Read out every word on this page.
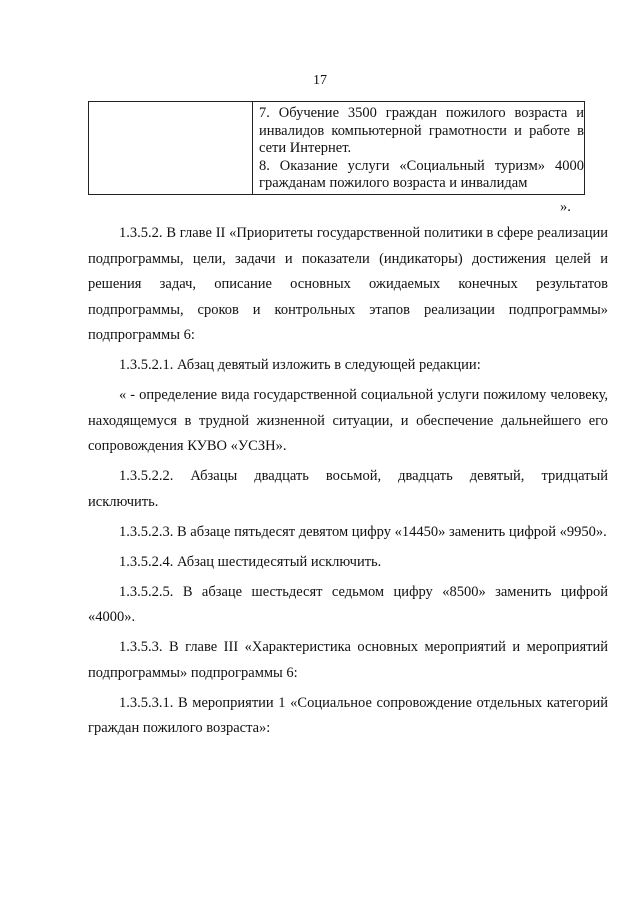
17

7. Обучение 3500 граждан пожилого возраста и инвалидов компьютерной грамотности и работе в сети Интернет.

8. Оказание услуги «Социальный туризм» 4000 гражданам пожилого возраста и инвалидам

».

1.3.5.2. В главе II «Приоритеты государственной политики в сфере реализации подпрограммы, цели, задачи и показатели (индикаторы) достижения целей и решения задач, описание основных ожидаемых конечных результатов подпрограммы, сроков и контрольных этапов реализации подпрограммы» подпрограммы 6:

1.3.5.2.1. Абзац девятый изложить в следующей редакции:

« - определение вида государственной социальной услуги пожилому человеку, находящемуся в трудной жизненной ситуации, и обеспечение дальнейшего его сопровождения КУВО «УСЗН».

1.3.5.2.2. Абзацы двадцать восьмой, двадцать девятый, тридцатый исключить.

1.3.5.2.3. В абзаце пятьдесят девятом цифру «14450» заменить цифрой «9950».

1.3.5.2.4. Абзац шестидесятый исключить.

1.3.5.2.5. В абзаце шестьдесят седьмом цифру «8500» заменить цифрой «4000».

1.3.5.3. В главе III «Характеристика основных мероприятий и мероприятий подпрограммы» подпрограммы 6:

1.3.5.3.1. В мероприятии 1 «Социальное сопровождение отдельных категорий граждан пожилого возраста»:
